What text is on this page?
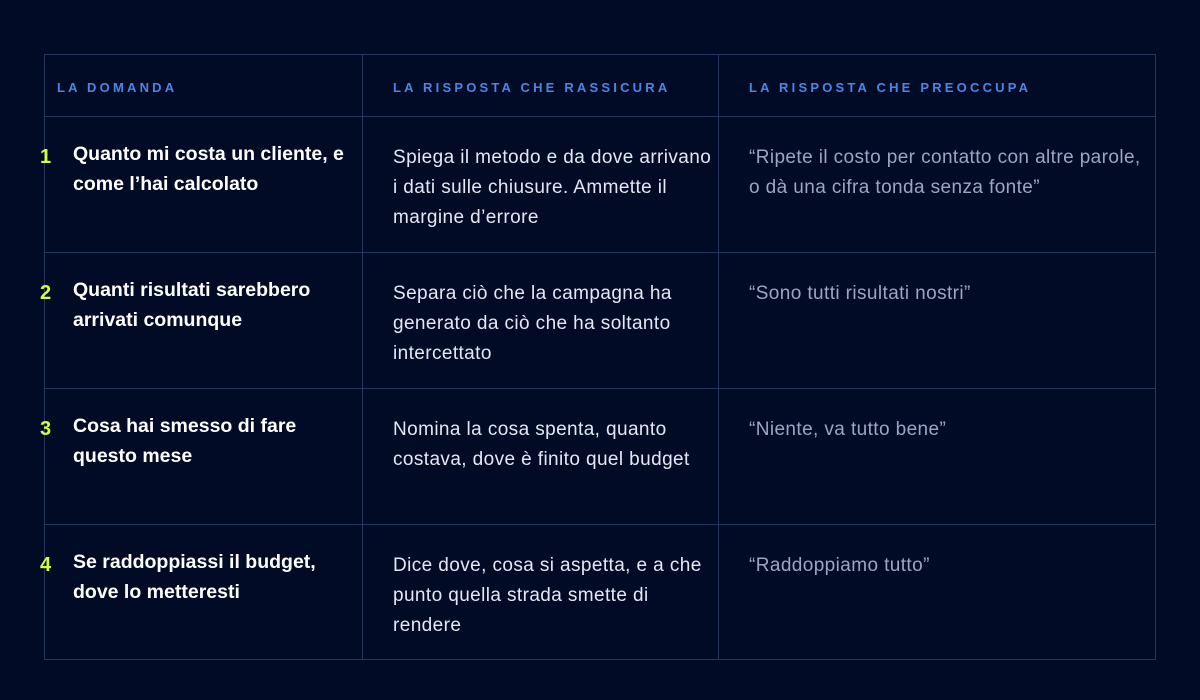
LA DOMANDA	LA RISPOSTA CHE RASSICURA	LA RISPOSTA CHE PREOCCUPA
1 Quanto mi costa un cliente, e come l’hai calcolato
Spiega il metodo e da dove arrivano i dati sulle chiusure. Ammette il margine d’errore
“Ripete il costo per contatto con altre parole, o dà una cifra tonda senza fonte”
2 Quanti risultati sarebbero arrivati comunque
Separa ciò che la campagna ha generato da ciò che ha soltanto intercettato
“Sono tutti risultati nostri”
3 Cosa hai smesso di fare questo mese
Nomina la cosa spenta, quanto costava, dove è finito quel budget
“Niente, va tutto bene”
4 Se raddoppiassi il budget, dove lo metteresti
Dice dove, cosa si aspetta, e a che punto quella strada smette di rendere
“Raddoppiamo tutto”
